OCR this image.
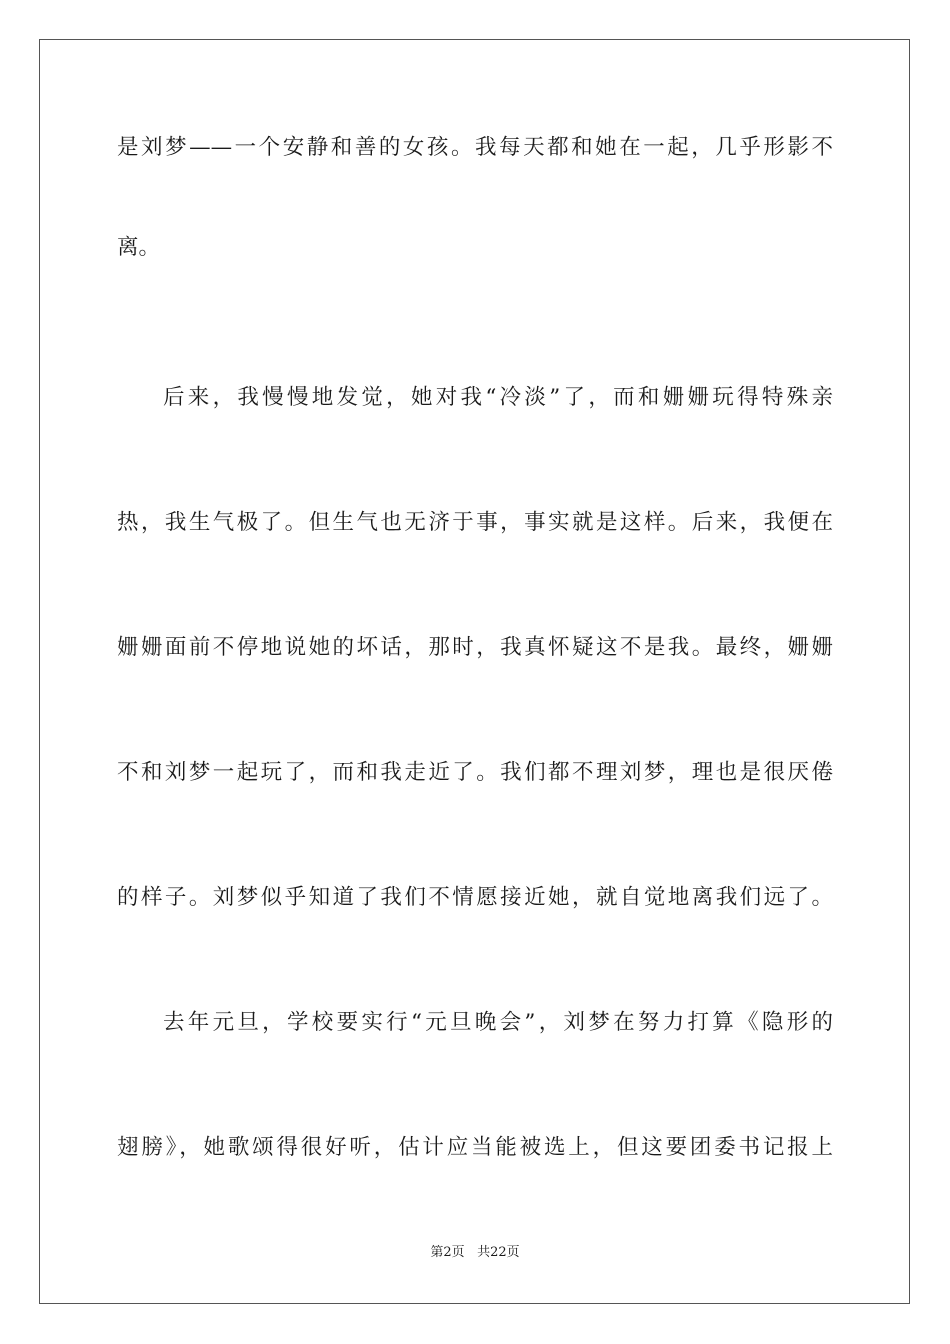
是刘梦——一个安静和善的女孩。我每天都和她在一起，几乎形影不
离。
后来，我慢慢地发觉，她对我“冷淡”了，而和姗姗玩得特殊亲
热，我生气极了。但生气也无济于事，事实就是这样。后来，我便在
姗姗面前不停地说她的坏话，那时，我真怀疑这不是我。最终，姗姗
不和刘梦一起玩了，而和我走近了。我们都不理刘梦，理也是很厌倦
的样子。刘梦似乎知道了我们不情愿接近她，就自觉地离我们远了。
去年元旦，学校要实行“元旦晚会”，刘梦在努力打算《隐形的
翅膀》，她歌颂得很好听，估计应当能被选上，但这要团委书记报上
第2页 共22页
